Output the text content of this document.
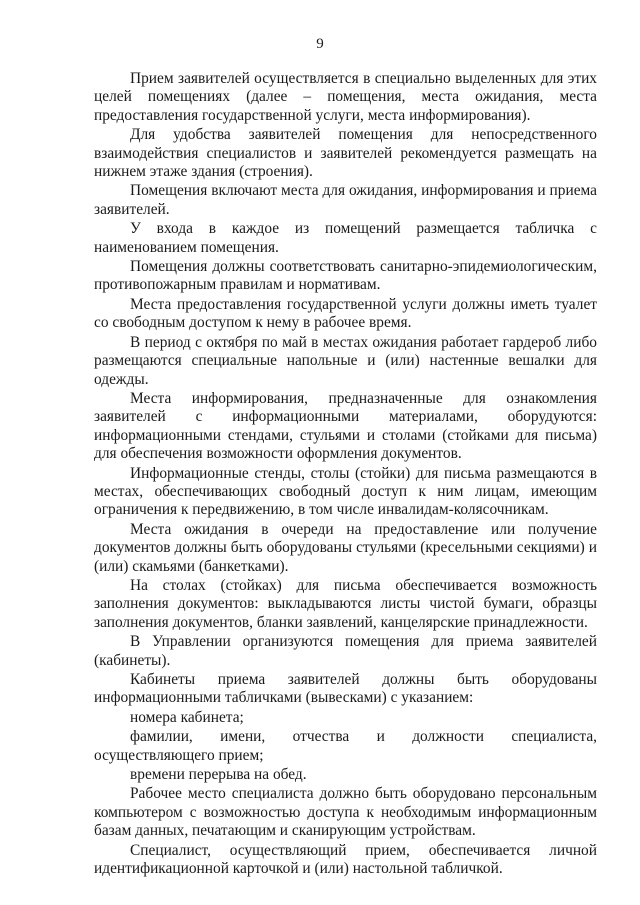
9

Прием заявителей осуществляется в специально выделенных для этих целей помещениях (далее – помещения, места ожидания, места предоставления государственной услуги, места информирования).

Для удобства заявителей помещения для непосредственного взаимодействия специалистов и заявителей рекомендуется размещать на нижнем этаже здания (строения).

Помещения включают места для ожидания, информирования и приема заявителей.

У входа в каждое из помещений размещается табличка с наименованием помещения.

Помещения должны соответствовать санитарно-эпидемиологическим, противопожарным правилам и нормативам.

Места предоставления государственной услуги должны иметь туалет со свободным доступом к нему в рабочее время.

В период с октября по май в местах ожидания работает гардероб либо размещаются специальные напольные и (или) настенные вешалки для одежды.

Места информирования, предназначенные для ознакомления заявителей с информационными материалами, оборудуются: информационными стендами, стульями и столами (стойками для письма) для обеспечения возможности оформления документов.

Информационные стенды, столы (стойки) для письма размещаются в местах, обеспечивающих свободный доступ к ним лицам, имеющим ограничения к передвижению, в том числе инвалидам-колясочникам.

Места ожидания в очереди на предоставление или получение документов должны быть оборудованы стульями (кресельными секциями) и (или) скамьями (банкетками).

На столах (стойках) для письма обеспечивается возможность заполнения документов: выкладываются листы чистой бумаги, образцы заполнения документов, бланки заявлений, канцелярские принадлежности.

В Управлении организуются помещения для приема заявителей (кабинеты).

Кабинеты приема заявителей должны быть оборудованы информационными табличками (вывесками) с указанием:

номера кабинета;

фамилии, имени, отчества и должности специалиста, осуществляющего прием;

времени перерыва на обед.

Рабочее место специалиста должно быть оборудовано персональным компьютером с возможностью доступа к необходимым информационным базам данных, печатающим и сканирующим устройствам.

Специалист, осуществляющий прием, обеспечивается личной идентификационной карточкой и (или) настольной табличкой.
